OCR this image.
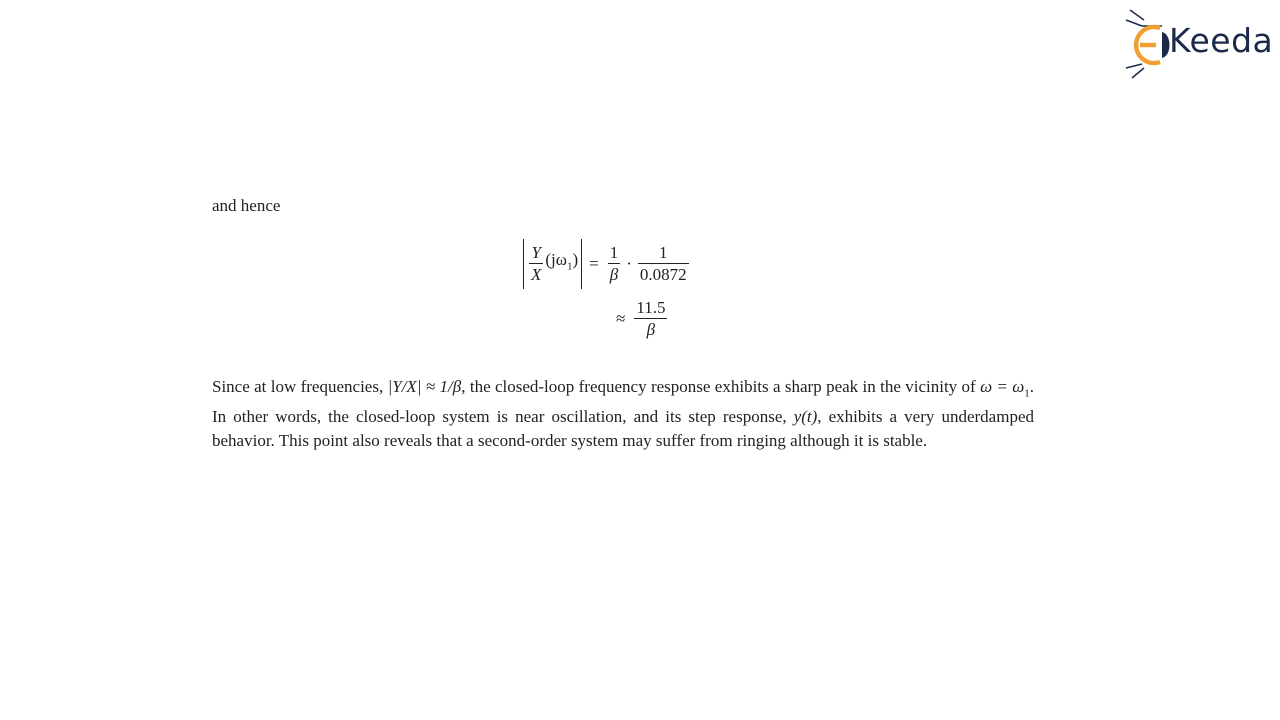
Keeda

and hence

$\frac{Y}{X} (j\omega_1) = \frac{1}{\beta} \cdot \frac{1}{0.0872}$
≈ $\frac{11.5}{\beta}$

Since at low frequencies, |Y/X| ≈ 1/β, the closed-loop frequency response exhibits a sharp peak in the vicinity of $\omega = \omega_1$. In other words, the closed-loop system is near oscillation, and its step response, y(t), exhibits a very underdamped behavior. This point also reveals that a second-order system may suffer from ringing although it is stable.
